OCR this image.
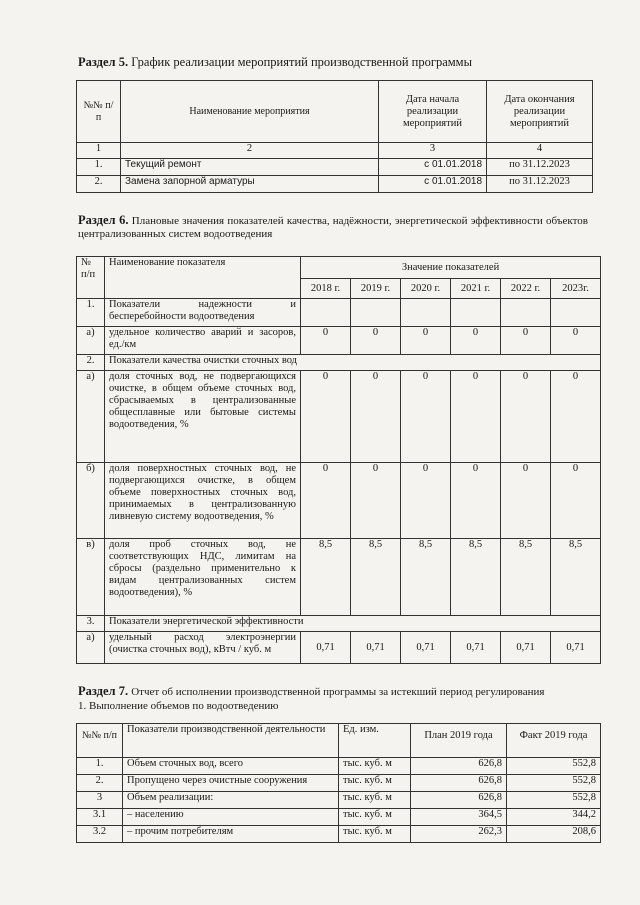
Раздел 5. График реализации мероприятий производственной программы
№№ п/п	Наименование мероприятия	Дата начала реализации мероприятий	Дата окончания реализации мероприятий
1	2	3	4
1.	Текущий ремонт	с 01.01.2018	по 31.12.2023
2.	Замена запорной арматуры	с 01.01.2018	по 31.12.2023
Раздел 6. Плановые значения показателей качества, надёжности, энергетической эффективности объектов централизованных систем водоотведения
№ п/п	Наименование показателя	Значение показателей					
		2018 г.	2019 г.	2020 г.	2021 г.	2022 г.	2023г.
1.	Показатели надежности и бесперебойности водоотведения						
а)	удельное количество аварий и засоров, ед./км	0	0	0	0	0	0
2.	Показатели качества очистки сточных вод						
а)	доля сточных вод, не подвергающихся очистке, в общем объеме сточных вод, сбрасываемых в централизованные общесплавные или бытовые системы водоотведения, %	0	0	0	0	0	0
б)	доля поверхностных сточных вод, не подвергающихся очистке, в общем объеме поверхностных сточных вод, принимаемых в централизованную ливневую систему водоотведения, %	0	0	0	0	0	0
в)	доля проб сточных вод, не соответствующих НДС, лимитам на сбросы (раздельно применительно к видам централизованных систем водоотведения), %	8,5	8,5	8,5	8,5	8,5	8,5
3.	Показатели энергетической эффективности						
а)	удельный расход электроэнергии (очистка сточных вод), кВтч / куб. м	0,71	0,71	0,71	0,71	0,71	0,71
Раздел 7. Отчет об исполнении производственной программы за истекший период регулирования
1. Выполнение объемов по водоотведению
№№ п/п	Показатели производственной деятельности	Ед. изм.	План 2019 года	Факт 2019 года
1.	Объем сточных вод, всего	тыс. куб. м	626,8	552,8
2.	Пропущено через очистные сооружения	тыс. куб. м	626,8	552,8
3	Объем реализации:	тыс. куб. м	626,8	552,8
3.1	– населению	тыс. куб. м	364,5	344,2
3.2	– прочим потребителям	тыс. куб. м	262,3	208,6
